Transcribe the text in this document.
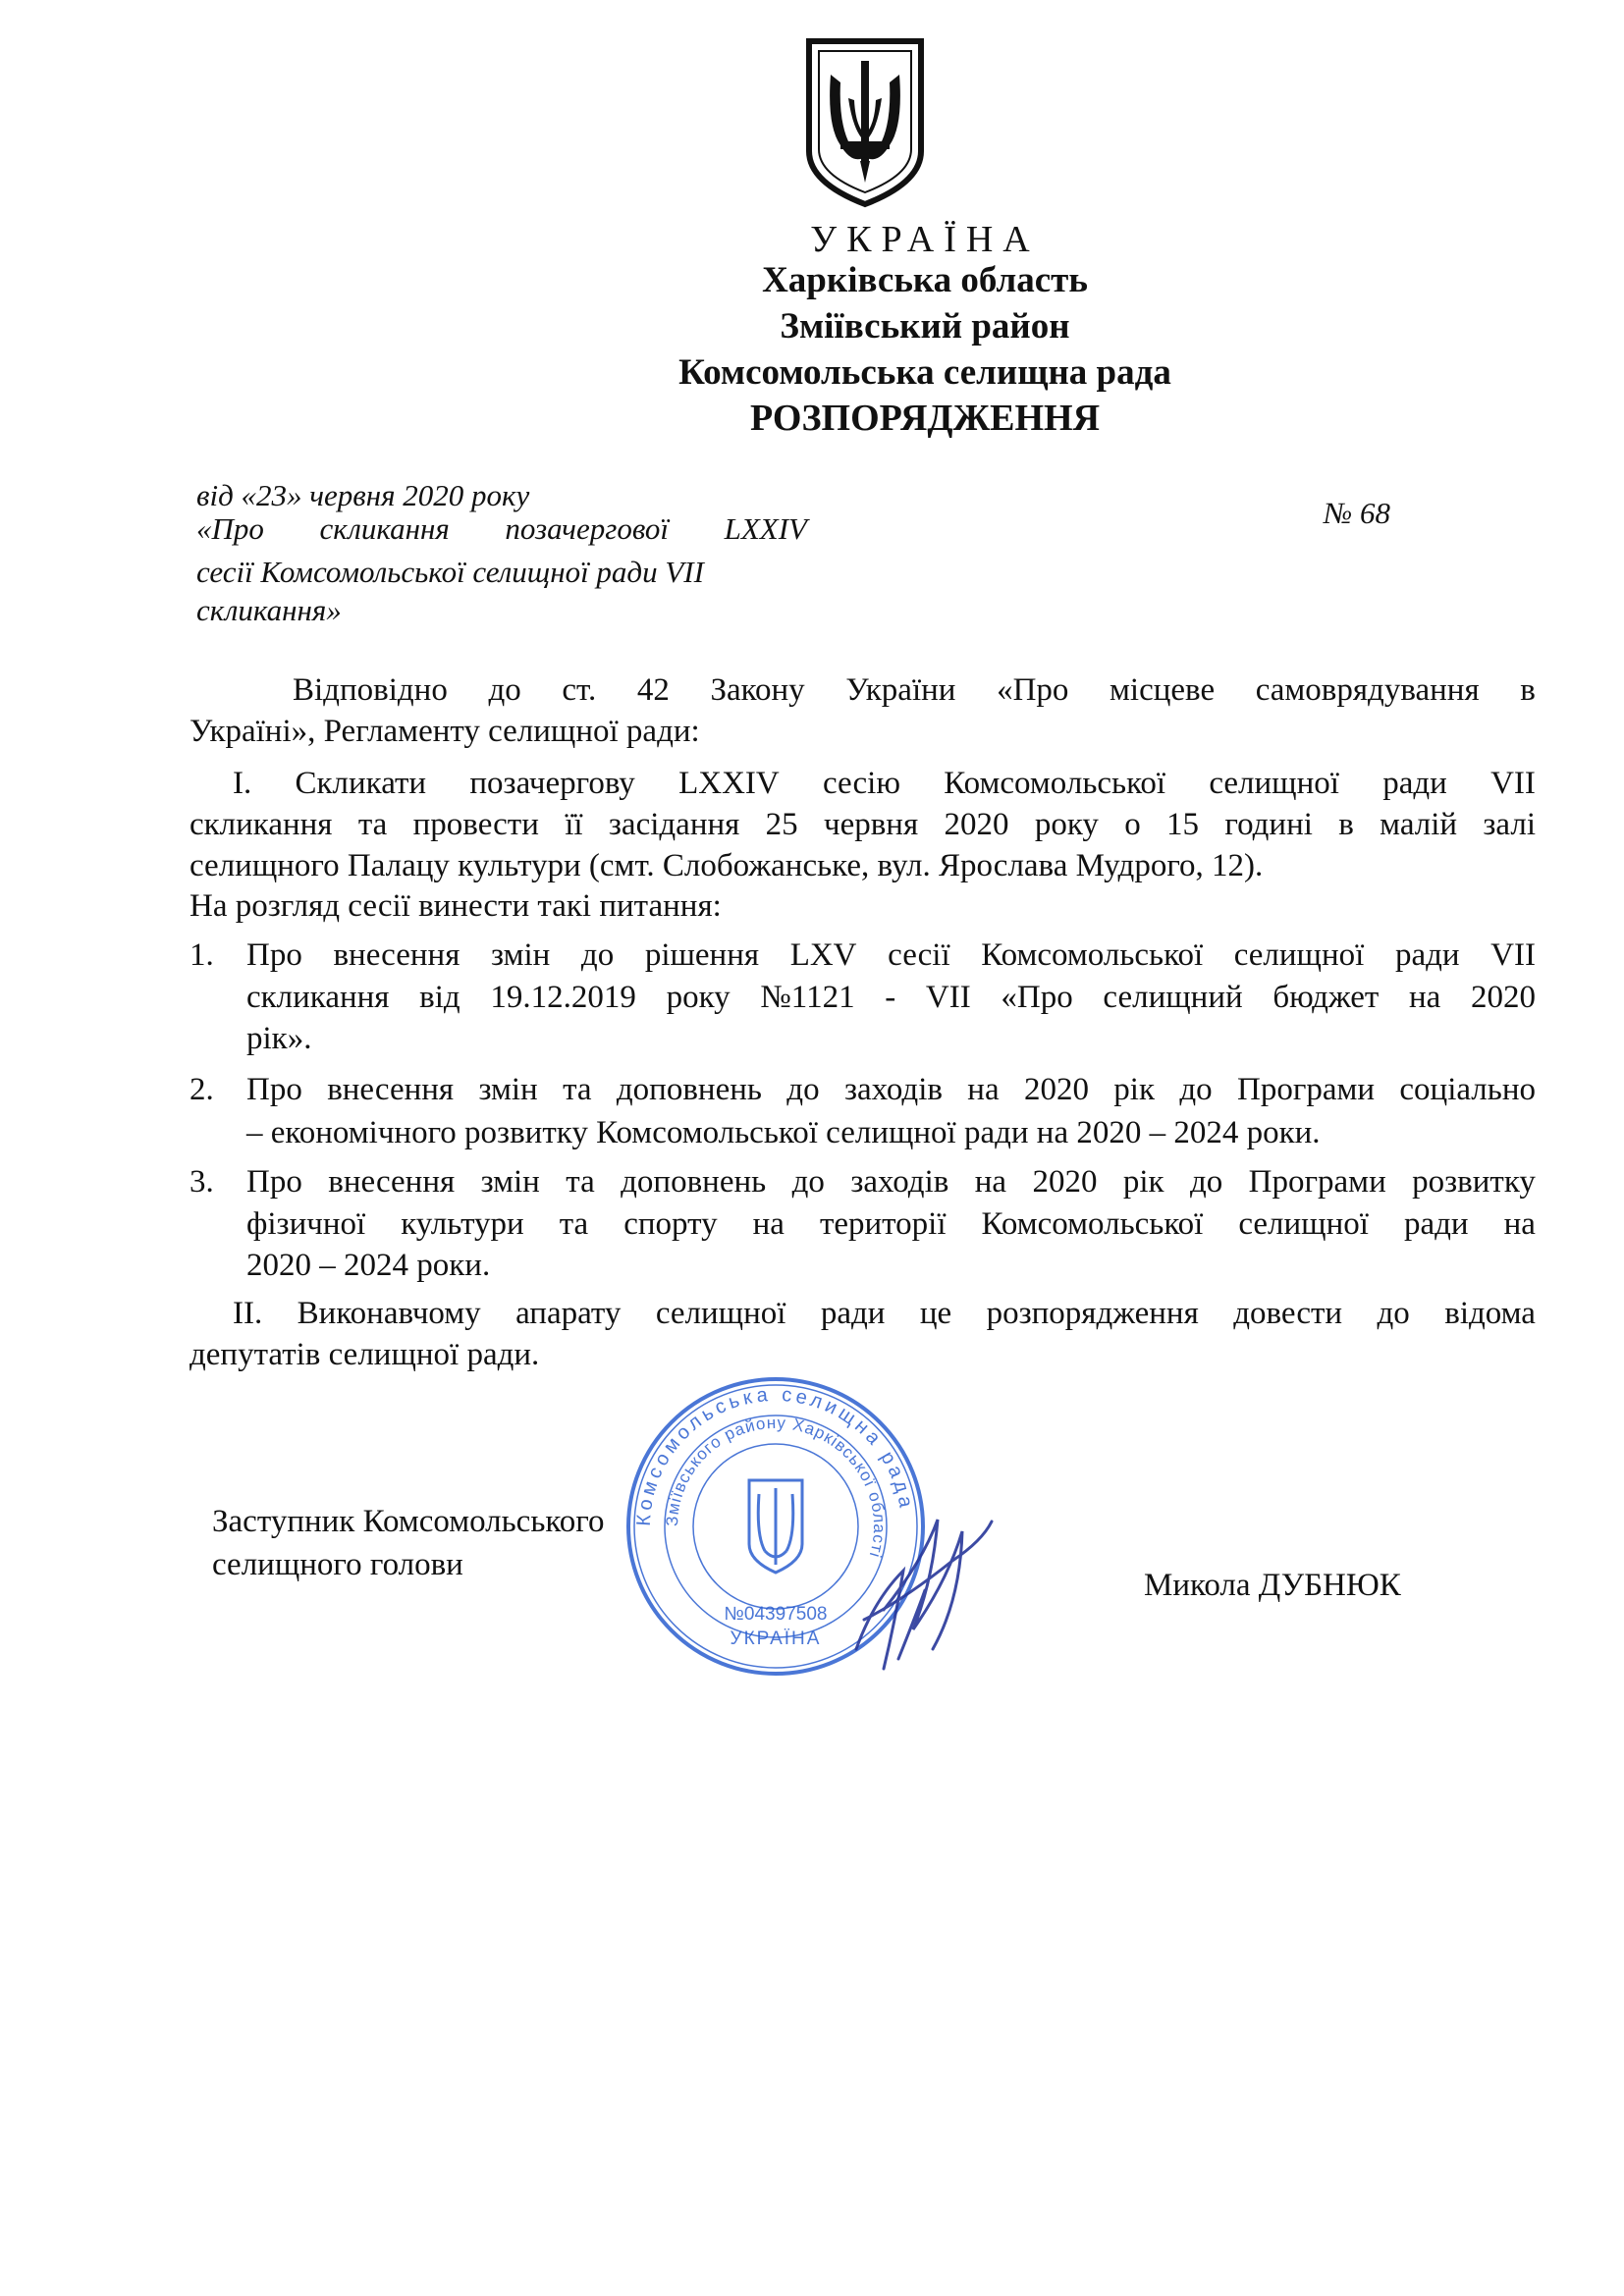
УКРАЇНА
Харківська область
Зміївський район
Комсомольська селищна рада
РОЗПОРЯДЖЕННЯ
від «23» червня 2020 року
«Про скликання позачергової LXXIV
сесії Комсомольської селищної ради VII
скликання»
№ 68
Відповідно до ст. 42 Закону України «Про місцеве самоврядування в
Україні», Регламенту селищної ради:
I. Скликати позачергову LXXIV сесію Комсомольської селищної ради VII
скликання та провести її засідання 25 червня 2020 року о 15 годині в малій залі
селищного Палацу культури (смт. Слобожанське, вул. Ярослава Мудрого, 12).
На розгляд сесії винести такі питання:
1. Про внесення змін до рішення LXV сесії Комсомольської селищної ради VII
скликання від 19.12.2019 року №1121 - VII «Про селищний бюджет на 2020
рік».
2. Про внесення змін та доповнень до заходів на 2020 рік до Програми соціально
– економічного розвитку Комсомольської селищної ради на 2020 – 2024 роки.
3. Про внесення змін та доповнень до заходів на 2020 рік до Програми розвитку
фізичної культури та спорту на території Комсомольської селищної ради на
2020 – 2024 роки.
II. Виконавчому апарату селищної ради це розпорядження довести до відома
депутатів селищної ради.
Заступник Комсомольського
селищного голови
Микола ДУБНЮК
Комсомольська селищна рада
Зміївського району Харківської області
№04397508
УКРАЇНА
